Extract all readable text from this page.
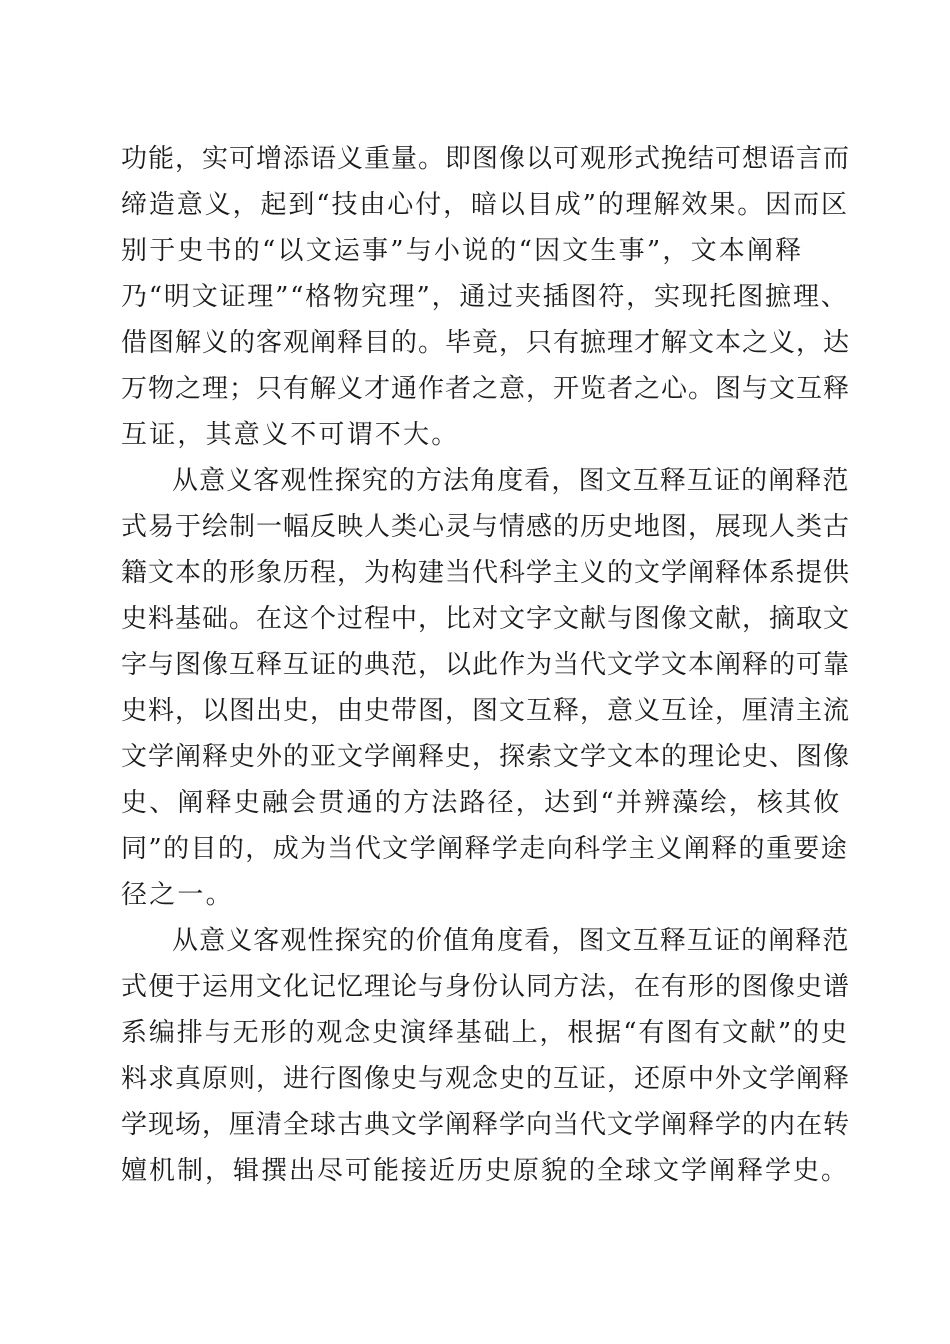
功能，实可增添语义重量。即图像以可观形式挽结可想语言而
缔造意义，起到“技由心付，暗以目成”的理解效果。因而区
别于史书的“以文运事”与小说的“因文生事”，文本阐释
乃“明文证理”“格物究理”，通过夹插图符，实现托图摭理、
借图解义的客观阐释目的。毕竟，只有摭理才解文本之义，达
万物之理；只有解义才通作者之意，开览者之心。图与文互释
互证，其意义不可谓不大。
从意义客观性探究的方法角度看，图文互释互证的阐释范
式易于绘制一幅反映人类心灵与情感的历史地图，展现人类古
籍文本的形象历程，为构建当代科学主义的文学阐释体系提供
史料基础。在这个过程中，比对文字文献与图像文献，摘取文
字与图像互释互证的典范，以此作为当代文学文本阐释的可靠
史料，以图出史，由史带图，图文互释，意义互诠，厘清主流
文学阐释史外的亚文学阐释史，探索文学文本的理论史、图像
史、阐释史融会贯通的方法路径，达到“并辨藻绘，核其攸
同”的目的，成为当代文学阐释学走向科学主义阐释的重要途
径之一。
从意义客观性探究的价值角度看，图文互释互证的阐释范
式便于运用文化记忆理论与身份认同方法，在有形的图像史谱
系编排与无形的观念史演绎基础上，根据“有图有文献”的史
料求真原则，进行图像史与观念史的互证，还原中外文学阐释
学现场，厘清全球古典文学阐释学向当代文学阐释学的内在转
嬗机制，辑撰出尽可能接近历史原貌的全球文学阐释学史。
